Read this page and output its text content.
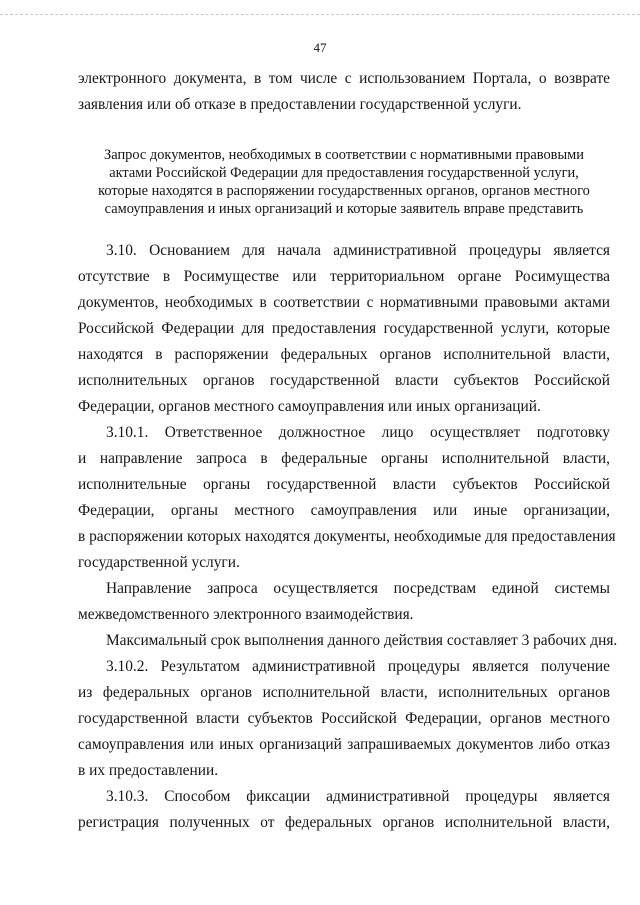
47
электронного документа, в том числе с использованием Портала, о возврате
заявления или об отказе в предоставлении государственной услуги.
Запрос документов, необходимых в соответствии с нормативными правовыми
актами Российской Федерации для предоставления государственной услуги,
которые находятся в распоряжении государственных органов, органов местного
самоуправления и иных организаций и которые заявитель вправе представить
3.10. Основанием для начала административной процедуры является
отсутствие в Росимуществе или территориальном органе Росимущества
документов, необходимых в соответствии с нормативными правовыми актами
Российской Федерации для предоставления государственной услуги, которые
находятся в распоряжении федеральных органов исполнительной власти,
исполнительных органов государственной власти субъектов Российской
Федерации, органов местного самоуправления или иных организаций.
3.10.1. Ответственное должностное лицо осуществляет подготовку
и направление запроса в федеральные органы исполнительной власти,
исполнительные органы государственной власти субъектов Российской
Федерации, органы местного самоуправления или иные организации,
в распоряжении которых находятся документы, необходимые для предоставления
государственной услуги.
Направление запроса осуществляется посредствам единой системы
межведомственного электронного взаимодействия.
Максимальный срок выполнения данного действия составляет 3 рабочих дня.
3.10.2. Результатом административной процедуры является получение
из федеральных органов исполнительной власти, исполнительных органов
государственной власти субъектов Российской Федерации, органов местного
самоуправления или иных организаций запрашиваемых документов либо отказ
в их предоставлении.
3.10.3. Способом фиксации административной процедуры является
регистрация полученных от федеральных органов исполнительной власти,
